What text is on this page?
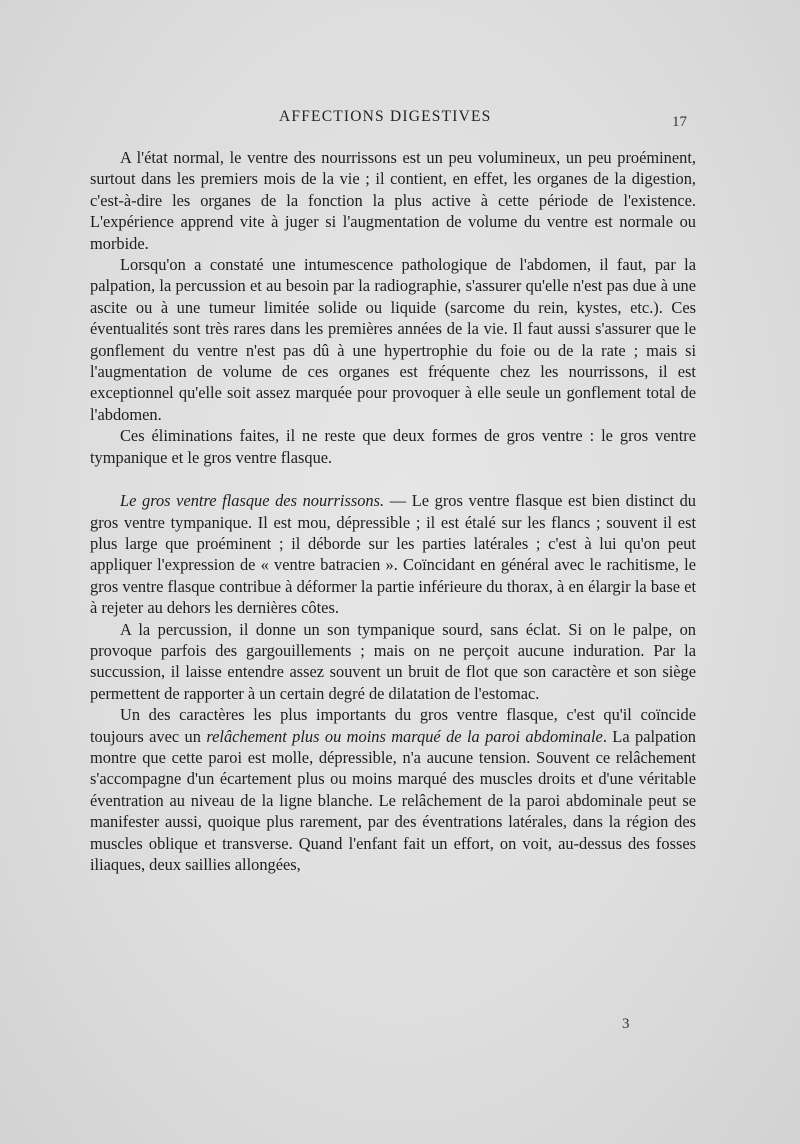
AFFECTIONS DIGESTIVES	17

A l'état normal, le ventre des nourrissons est un peu volumineux, un peu proéminent, surtout dans les premiers mois de la vie ; il contient, en effet, les organes de la digestion, c'est-à-dire les organes de la fonction la plus active à cette période de l'existence. L'expérience apprend vite à juger si l'augmentation de volume du ventre est normale ou morbide.

Lorsqu'on a constaté une intumescence pathologique de l'abdomen, il faut, par la palpation, la percussion et au besoin par la radiographie, s'assurer qu'elle n'est pas due à une ascite ou à une tumeur limitée solide ou liquide (sarcome du rein, kystes, etc.). Ces éventualités sont très rares dans les premières années de la vie. Il faut aussi s'assurer que le gonflement du ventre n'est pas dû à une hypertrophie du foie ou de la rate ; mais si l'augmentation de volume de ces organes est fréquente chez les nourrissons, il est exceptionnel qu'elle soit assez marquée pour provoquer à elle seule un gonflement total de l'abdomen.

Ces éliminations faites, il ne reste que deux formes de gros ventre : le gros ventre tympanique et le gros ventre flasque.

Le gros ventre flasque des nourrissons. — Le gros ventre flasque est bien distinct du gros ventre tympanique. Il est mou, dépressible ; il est étalé sur les flancs ; souvent il est plus large que proéminent ; il déborde sur les parties latérales ; c'est à lui qu'on peut appliquer l'expression de « ventre batracien ». Coïncidant en général avec le rachitisme, le gros ventre flasque contribue à déformer la partie inférieure du thorax, à en élargir la base et à rejeter au dehors les dernières côtes.

A la percussion, il donne un son tympanique sourd, sans éclat. Si on le palpe, on provoque parfois des gargouillements ; mais on ne perçoit aucune induration. Par la succussion, il laisse entendre assez souvent un bruit de flot que son caractère et son siège permettent de rapporter à un certain degré de dilatation de l'estomac.

Un des caractères les plus importants du gros ventre flasque, c'est qu'il coïncide toujours avec un relâchement plus ou moins marqué de la paroi abdominale. La palpation montre que cette paroi est molle, dépressible, n'a aucune tension. Souvent ce relâchement s'accompagne d'un écartement plus ou moins marqué des muscles droits et d'une véritable éventration au niveau de la ligne blanche. Le relâchement de la paroi abdominale peut se manifester aussi, quoique plus rarement, par des éventrations latérales, dans la région des muscles oblique et transverse. Quand l'enfant fait un effort, on voit, au-dessus des fosses iliaques, deux saillies allongées,

3
